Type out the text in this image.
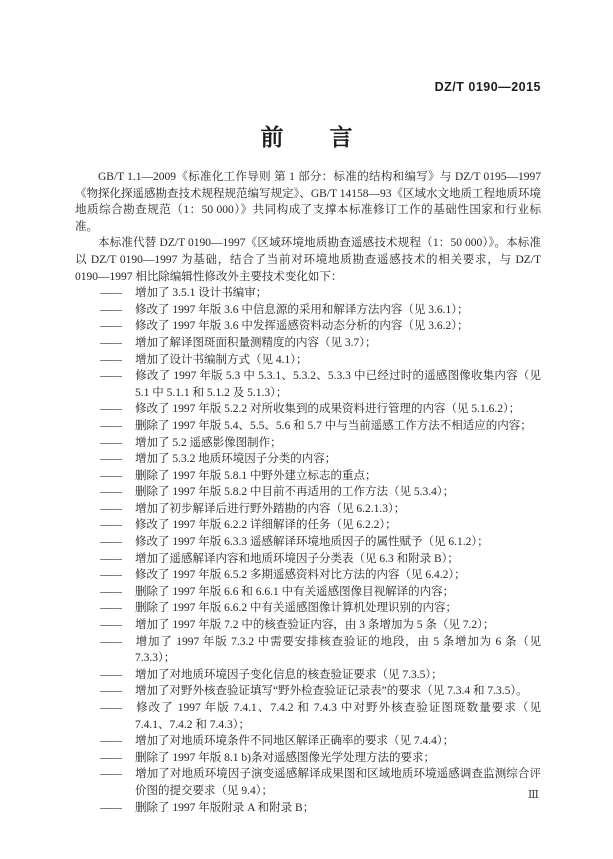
DZ/T 0190—2015
前言

GB/T 1.1—2009《标准化工作导则 第 1 部分：标准的结构和编写》与 DZ/T 0195—1997《物探化探遥感勘查技术规程规范编写规定》、GB/T 14158—93《区域水文地质工程地质环境地质综合勘查规范（1：50 000）》共同构成了支撑本标准修订工作的基础性国家和行业标准。

本标准代替 DZ/T 0190—1997《区域环境地质勘查遥感技术规程（1：50 000）》。本标准以 DZ/T 0190—1997 为基础，结合了当前对环境地质勘查遥感技术的相关要求，与 DZ/T 0190—1997 相比除编辑性修改外主要技术变化如下：

—— 增加了 3.5.1 设计书编审；

—— 修改了 1997 年版 3.6 中信息源的采用和解译方法内容（见 3.6.1）；

—— 修改了 1997 年版 3.6 中发挥遥感资料动态分析的内容（见 3.6.2）；

—— 增加了解译图斑面积量测精度的内容（见 3.7）；

—— 增加了设计书编制方式（见 4.1）；

—— 修改了 1997 年版 5.3 中 5.3.1、5.3.2、5.3.3 中已经过时的遥感图像收集内容（见 5.1 中 5.1.1 和 5.1.2 及 5.1.3）；

—— 修改了 1997 年版 5.2.2 对所收集到的成果资料进行管理的内容（见 5.1.6.2）；

—— 删除了 1997 年版 5.4、5.5、5.6 和 5.7 中与当前遥感工作方法不相适应的内容；

—— 增加了 5.2 遥感影像图制作；

—— 增加了 5.3.2 地质环境因子分类的内容；

—— 删除了 1997 年版 5.8.1 中野外建立标志的重点；

—— 删除了 1997 年版 5.8.2 中目前不再适用的工作方法（见 5.3.4）；

—— 增加了初步解译后进行野外踏勘的内容（见 6.2.1.3）；

—— 修改了 1997 年版 6.2.2 详细解译的任务（见 6.2.2）；

—— 修改了 1997 年版 6.3.3 遥感解译环境地质因子的属性赋予（见 6.1.2）；

—— 增加了遥感解译内容和地质环境因子分类表（见 6.3 和附录 B）；

—— 修改了 1997 年版 6.5.2 多期遥感资料对比方法的内容（见 6.4.2）；

—— 删除了 1997 年版 6.6 和 6.6.1 中有关遥感图像目视解译的内容；

—— 删除了 1997 年版 6.6.2 中有关遥感图像计算机处理识别的内容；

—— 增加了 1997 年版 7.2 中的核查验证内容，由 3 条增加为 5 条（见 7.2）；

—— 增加了 1997 年版 7.3.2 中需要安排核查验证的地段，由 5 条增加为 6 条（见 7.3.3）；

—— 增加了对地质环境因子变化信息的核查验证要求（见 7.3.5）；

—— 增加了对野外核查验证填写“野外检查验证记录表”的要求（见 7.3.4 和 7.3.5）。

—— 修改了 1997 年版 7.4.1、7.4.2 和 7.4.3 中对野外核查验证图斑数量要求（见 7.4.1、7.4.2 和 7.4.3）；

—— 增加了对地质环境条件不同地区解译正确率的要求（见 7.4.4）；

—— 删除了 1997 年版 8.1 b)条对遥感图像光学处理方法的要求；

—— 增加了对地质环境因子演变遥感解译成果图和区域地质环境遥感调查监测综合评价图的提交要求（见 9.4）；

—— 删除了 1997 年版附录 A 和附录 B；

Ⅲ
